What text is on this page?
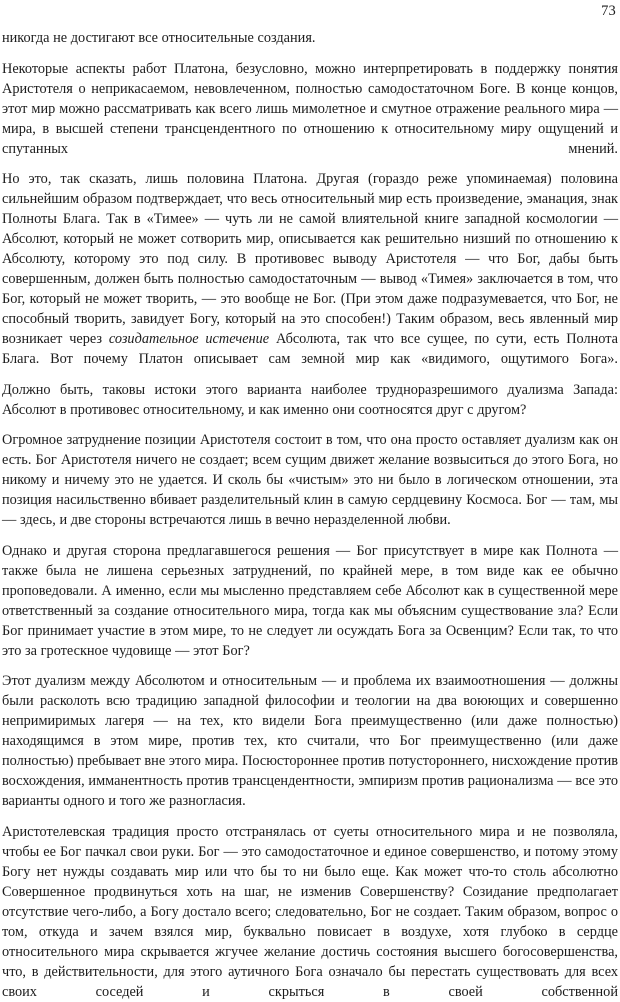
73

никогда не достигают все относительные создания.

Некоторые аспекты работ Платона, безусловно, можно интерпретировать в поддержку понятия Аристотеля о неприкасаемом, невовлеченном, полностью самодостаточном Боге. В конце концов, этот мир можно рассматривать как всего лишь мимолетное и смутное отражение реального мира — мира, в высшей степени трансцендентного по отношению к относительному миру ощущений и спутанных мнений.

Но это, так сказать, лишь половина Платона. Другая (гораздо реже упоминаемая) половина сильнейшим образом подтверждает, что весь относительный мир есть произведение, эманация, знак Полноты Блага. Так в «Тимее» — чуть ли не самой влиятельной книге западной космологии — Абсолют, который не может сотворить мир, описывается как решительно низший по отношению к Абсолюту, которому это под силу. В противовес выводу Аристотеля — что Бог, дабы быть совершенным, должен быть полностью самодостаточным — вывод «Тимея» заключается в том, что Бог, который не может творить, — это вообще не Бог. (При этом даже подразумевается, что Бог, не способный творить, завидует Богу, который на это способен!) Таким образом, весь явленный мир возникает через созидательное истечение Абсолюта, так что все сущее, по сути, есть Полнота Блага. Вот почему Платон описывает сам земной мир как «видимого, ощутимого Бога».

Должно быть, таковы истоки этого варианта наиболее трудноразрешимого дуализма Запада: Абсолют в противовес относительному, и как именно они соотносятся друг с другом?

Огромное затруднение позиции Аристотеля состоит в том, что она просто оставляет дуализм как он есть. Бог Аристотеля ничего не создает; всем сущим движет желание возвыситься до этого Бога, но никому и ничему это не удается. И сколь бы «чистым» это ни было в логическом отношении, эта позиция насильственно вбивает разделительный клин в самую сердцевину Космоса. Бог — там, мы — здесь, и две стороны встречаются лишь в вечно неразделенной любви.

Однако и другая сторона предлагавшегося решения — Бог присутствует в мире как Полнота — также была не лишена серьезных затруднений, по крайней мере, в том виде как ее обычно проповедовали. А именно, если мы мысленно представляем себе Абсолют как в существенной мере ответственный за создание относительного мира, тогда как мы объясним существование зла? Если Бог принимает участие в этом мире, то не следует ли осуждать Бога за Освенцим? Если так, то что это за гротескное чудовище — этот Бог?

Этот дуализм между Абсолютом и относительным — и проблема их взаимоотношения — должны были расколоть всю традицию западной философии и теологии на два воюющих и совершенно непримиримых лагеря — на тех, кто видели Бога преимущественно (или даже полностью) находящимся в этом мире, против тех, кто считали, что Бог преимущественно (или даже полностью) пребывает вне этого мира. Посюстороннее против потустороннего, нисхождение против восхождения, имманентность против трансцендентности, эмпиризм против рационализма — все это варианты одного и того же разногласия.

Аристотелевская традиция просто отстранялась от суеты относительного мира и не позволяла, чтобы ее Бог пачкал свои руки. Бог — это самодостаточное и единое совершенство, и потому этому Богу нет нужды создавать мир или что бы то ни было еще. Как может что-то столь абсолютно Совершенное продвинуться хоть на шаг, не изменив Совершенству? Созидание предполагает отсутствие чего-либо, а Богу достало всего; следовательно, Бог не создает. Таким образом, вопрос о том, откуда и зачем взялся мир, буквально повисает в воздухе, хотя глубоко в сердце относительного мира скрывается жгучее желание достичь состояния высшего богосовершенства, что, в действительности, для этого аутичного Бога означало бы перестать существовать для всех своих соседей и скрыться в своей собственной
